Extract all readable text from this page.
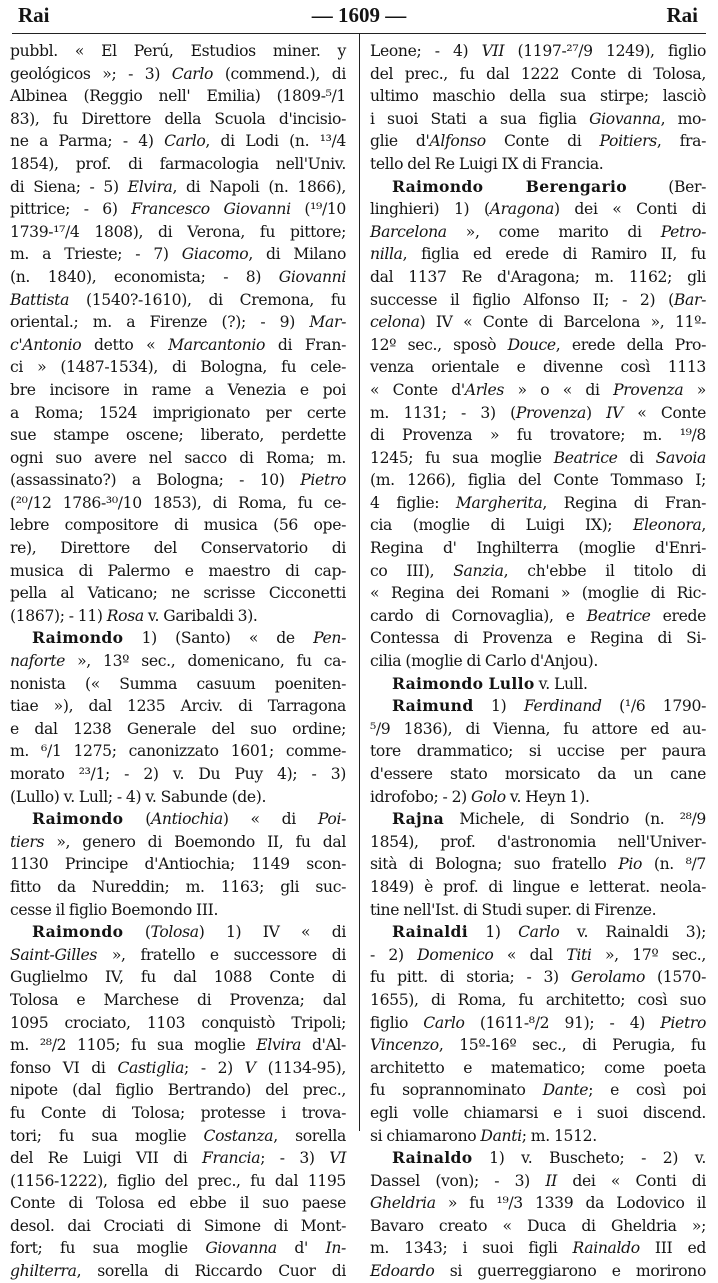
Rai	— 1609 —	Rai
pubbl. « El Perú, Estudios miner. y
geológicos »; - 3) Carlo (commend.), di
Albinea (Reggio nell' Emilia) (1809-⁵/1
83), fu Direttore della Scuola d'incisio-
ne a Parma; - 4) Carlo, di Lodi (n. ¹³/4
1854), prof. di farmacologia nell'Univ.
di Siena; - 5) Elvira, di Napoli (n. 1866),
pittrice; - 6) Francesco Giovanni (¹⁹/10
1739-¹⁷/4 1808), di Verona, fu pittore;
m. a Trieste; - 7) Giacomo, di Milano
(n. 1840), economista; - 8) Giovanni
Battista (1540?-1610), di Cremona, fu
oriental.; m. a Firenze (?); - 9) Mar-
c'Antonio detto « Marcantonio di Fran-
ci » (1487-1534), di Bologna, fu cele-
bre incisore in rame a Venezia e poi
a Roma; 1524 imprigionato per certe
sue stampe oscene; liberato, perdette
ogni suo avere nel sacco di Roma; m.
(assassinato?) a Bologna; - 10) Pietro
(²⁰/12 1786-³⁰/10 1853), di Roma, fu ce-
lebre compositore di musica (56 ope-
re), Direttore del Conservatorio di
musica di Palermo e maestro di cap-
pella al Vaticano; ne scrisse Cicconetti
(1867); - 11) Rosa v. Garibaldi 3).
Raimondo 1) (Santo) « de Pen-
naforte », 13º sec., domenicano, fu ca-
nonista (« Summa casuum poeniten-
tiae »), dal 1235 Arciv. di Tarragona
e dal 1238 Generale del suo ordine;
m. ⁶/1 1275; canonizzato 1601; comme-
morato ²³/1; - 2) v. Du Puy 4); - 3)
(Lullo) v. Lull; - 4) v. Sabunde (de).
Raimondo (Antiochia) « di Poi-
tiers », genero di Boemondo II, fu dal
1130 Principe d'Antiochia; 1149 scon-
fitto da Nureddin; m. 1163; gli suc-
cesse il figlio Boemondo III.
Raimondo (Tolosa) 1) IV « di
Saint-Gilles », fratello e successore di
Guglielmo IV, fu dal 1088 Conte di
Tolosa e Marchese di Provenza; dal
1095 crociato, 1103 conquistò Tripoli;
m. ²⁸/2 1105; fu sua moglie Elvira d'Al-
fonso VI di Castiglia; - 2) V (1134-95),
nipote (dal figlio Bertrando) del prec.,
fu Conte di Tolosa; protesse i trova-
tori; fu sua moglie Costanza, sorella
del Re Luigi VII di Francia; - 3) VI
(1156-1222), figlio del prec., fu dal 1195
Conte di Tolosa ed ebbe il suo paese
desol. dai Crociati di Simone di Mont-
fort; fu sua moglie Giovanna d' In-
ghilterra, sorella di Riccardo Cuor di
Leone; - 4) VII (1197-²⁷/9 1249), figlio
del prec., fu dal 1222 Conte di Tolosa,
ultimo maschio della sua stirpe; lasciò
i suoi Stati a sua figlia Giovanna, mo-
glie d'Alfonso Conte di Poitiers, fra-
tello del Re Luigi IX di Francia.
Raimondo Berengario (Ber-
linghieri) 1) (Aragona) dei « Conti di
Barcelona », come marito di Petro-
nilla, figlia ed erede di Ramiro II, fu
dal 1137 Re d'Aragona; m. 1162; gli
successe il figlio Alfonso II; - 2) (Bar-
celona) IV « Conte di Barcelona », 11º-
12º sec., sposò Douce, erede della Pro-
venza orientale e divenne così 1113
« Conte d'Arles » o « di Provenza »
m. 1131; - 3) (Provenza) IV « Conte
di Provenza » fu trovatore; m. ¹⁹/8
1245; fu sua moglie Beatrice di Savoia
(m. 1266), figlia del Conte Tommaso I;
4 figlie: Margherita, Regina di Fran-
cia (moglie di Luigi IX); Eleonora,
Regina d' Inghilterra (moglie d'Enri-
co III), Sanzia, ch'ebbe il titolo di
« Regina dei Romani » (moglie di Ric-
cardo di Cornovaglia), e Beatrice erede
Contessa di Provenza e Regina di Si-
cilia (moglie di Carlo d'Anjou).
Raimondo Lullo v. Lull.
Raimund 1) Ferdinand (¹/6 1790-
⁵/9 1836), di Vienna, fu attore ed au-
tore drammatico; si uccise per paura
d'essere stato morsicato da un cane
idrofobo; - 2) Golo v. Heyn 1).
Rajna Michele, di Sondrio (n. ²⁸/9
1854), prof. d'astronomia nell'Univer-
sità di Bologna; suo fratello Pio (n. ⁸/7
1849) è prof. di lingue e letterat. neola-
tine nell'Ist. di Studi super. di Firenze.
Rainaldi 1) Carlo v. Rainaldi 3);
- 2) Domenico « dal Titi », 17º sec.,
fu pitt. di storia; - 3) Gerolamo (1570-
1655), di Roma, fu architetto; così suo
figlio Carlo (1611-⁸/2 91); - 4) Pietro
Vincenzo, 15º-16º sec., di Perugia, fu
architetto e matematico; come poeta
fu soprannominato Dante; e così poi
egli volle chiamarsi e i suoi discend.
si chiamarono Danti; m. 1512.
Rainaldo 1) v. Buscheto; - 2) v.
Dassel (von); - 3) II dei « Conti di
Gheldria » fu ¹⁹/3 1339 da Lodovico il
Bavaro creato « Duca di Gheldria »;
m. 1343; i suoi figli Rainaldo III ed
Edoardo si guerreggiarono e morirono
